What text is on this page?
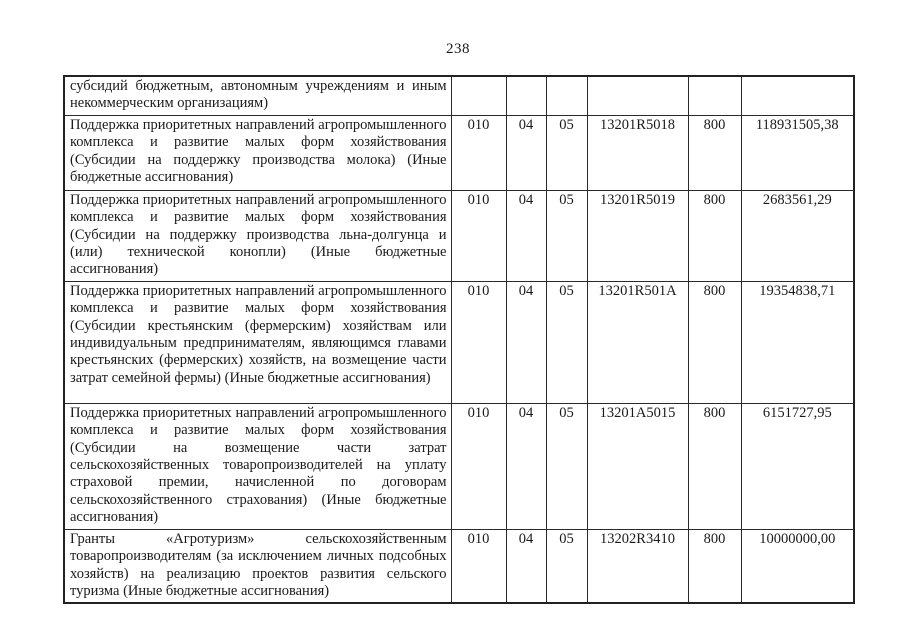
238
субсидий бюджетным, автономным учреждениям и иным некоммерческим организациям)						
Поддержка приоритетных направлений агропромышленного комплекса и развитие малых форм хозяйствования (Субсидии на поддержку производства молока) (Иные бюджетные ассигнования)	010	04	05	13201R5018	800	118931505,38
Поддержка приоритетных направлений агропромышленного комплекса и развитие малых форм хозяйствования (Субсидии на поддержку производства льна-долгунца и (или) технической конопли) (Иные бюджетные ассигнования)	010	04	05	13201R5019	800	2683561,29
Поддержка приоритетных направлений агропромышленного комплекса и развитие малых форм хозяйствования (Субсидии крестьянским (фермерским) хозяйствам или индивидуальным предпринимателям, являющимся главами крестьянских (фермерских) хозяйств, на возмещение части затрат семейной фермы) (Иные бюджетные ассигнования)	010	04	05	13201R501A	800	19354838,71
Поддержка приоритетных направлений агропромышленного комплекса и развитие малых форм хозяйствования (Субсидии на возмещение части затрат сельскохозяйственных товаропроизводителей на уплату страховой премии, начисленной по договорам сельскохозяйственного страхования) (Иные бюджетные ассигнования)	010	04	05	13201A5015	800	6151727,95
Гранты «Агротуризм» сельскохозяйственным товаропроизводителям (за исключением личных подсобных хозяйств) на реализацию проектов развития сельского туризма (Иные бюджетные ассигнования)	010	04	05	13202R3410	800	10000000,00
